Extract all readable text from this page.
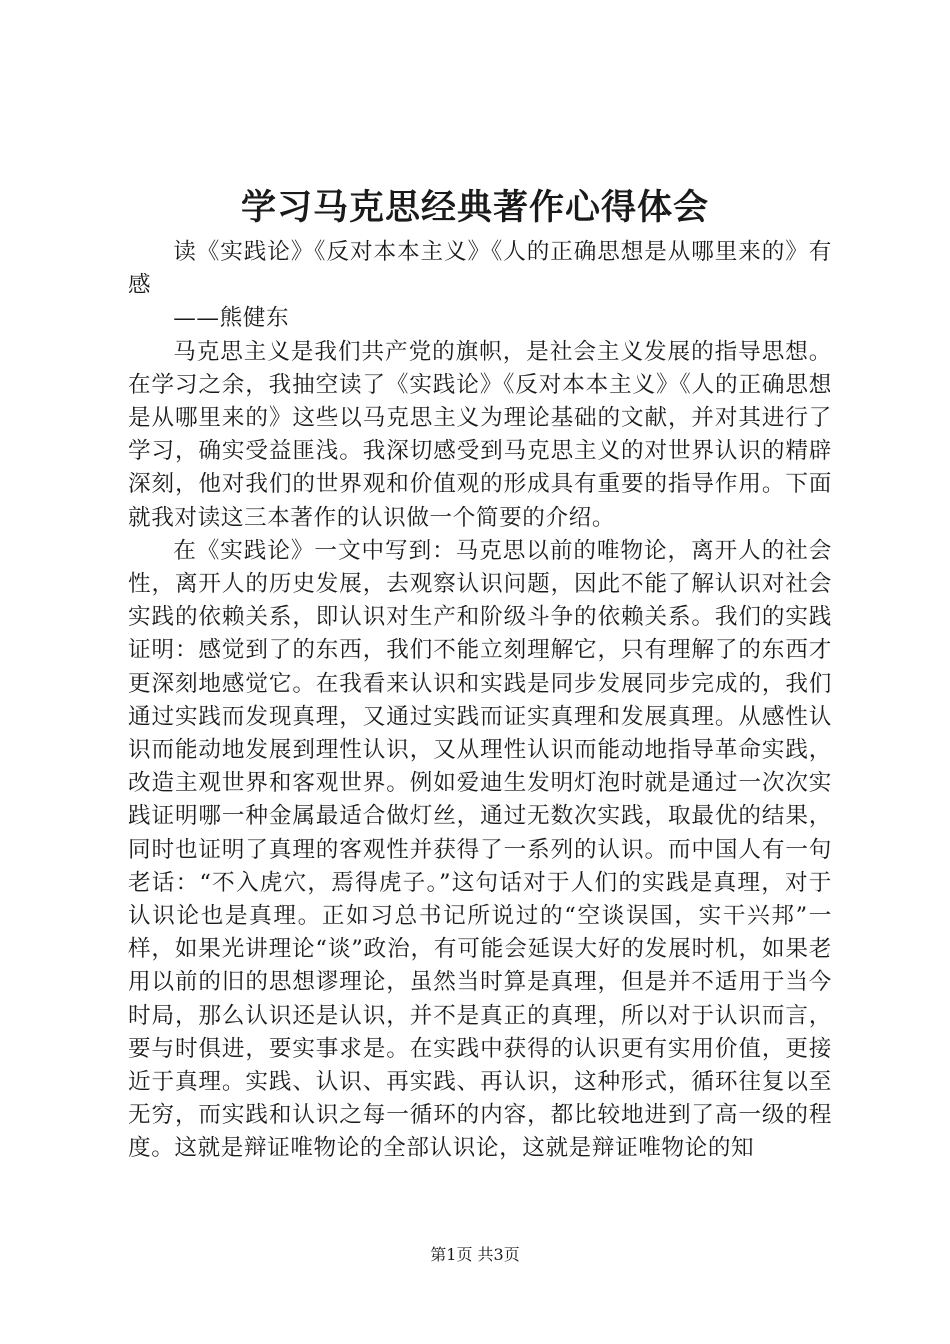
学习马克思经典著作心得体会

读《实践论》《反对本本主义》《人的正确思想是从哪里来的》有感

——熊健东

马克思主义是我们共产党的旗帜，是社会主义发展的指导思想。在学习之余，我抽空读了《实践论》《反对本本主义》《人的正确思想是从哪里来的》这些以马克思主义为理论基础的文献，并对其进行了学习，确实受益匪浅。我深切感受到马克思主义的对世界认识的精辟深刻，他对我们的世界观和价值观的形成具有重要的指导作用。下面就我对读这三本著作的认识做一个简要的介绍。

在《实践论》一文中写到：马克思以前的唯物论，离开人的社会性，离开人的历史发展，去观察认识问题，因此不能了解认识对社会实践的依赖关系，即认识对生产和阶级斗争的依赖关系。我们的实践证明：感觉到了的东西，我们不能立刻理解它，只有理解了的东西才更深刻地感觉它。在我看来认识和实践是同步发展同步完成的，我们通过实践而发现真理，又通过实践而证实真理和发展真理。从感性认识而能动地发展到理性认识，又从理性认识而能动地指导革命实践，改造主观世界和客观世界。例如爱迪生发明灯泡时就是通过一次次实践证明哪一种金属最适合做灯丝，通过无数次实践，取最优的结果，同时也证明了真理的客观性并获得了一系列的认识。而中国人有一句老话：“不入虎穴，焉得虎子。”这句话对于人们的实践是真理，对于认识论也是真理。正如习总书记所说过的“空谈误国，实干兴邦”一样，如果光讲理论“谈”政治，有可能会延误大好的发展时机，如果老用以前的旧的思想谬理论，虽然当时算是真理，但是并不适用于当今时局，那么认识还是认识，并不是真正的真理，所以对于认识而言，要与时俱进，要实事求是。在实践中获得的认识更有实用价值，更接近于真理。实践、认识、再实践、再认识，这种形式，循环往复以至无穷，而实践和认识之每一循环的内容，都比较地进到了高一级的程度。这就是辩证唯物论的全部认识论，这就是辩证唯物论的知

第1页 共3页
